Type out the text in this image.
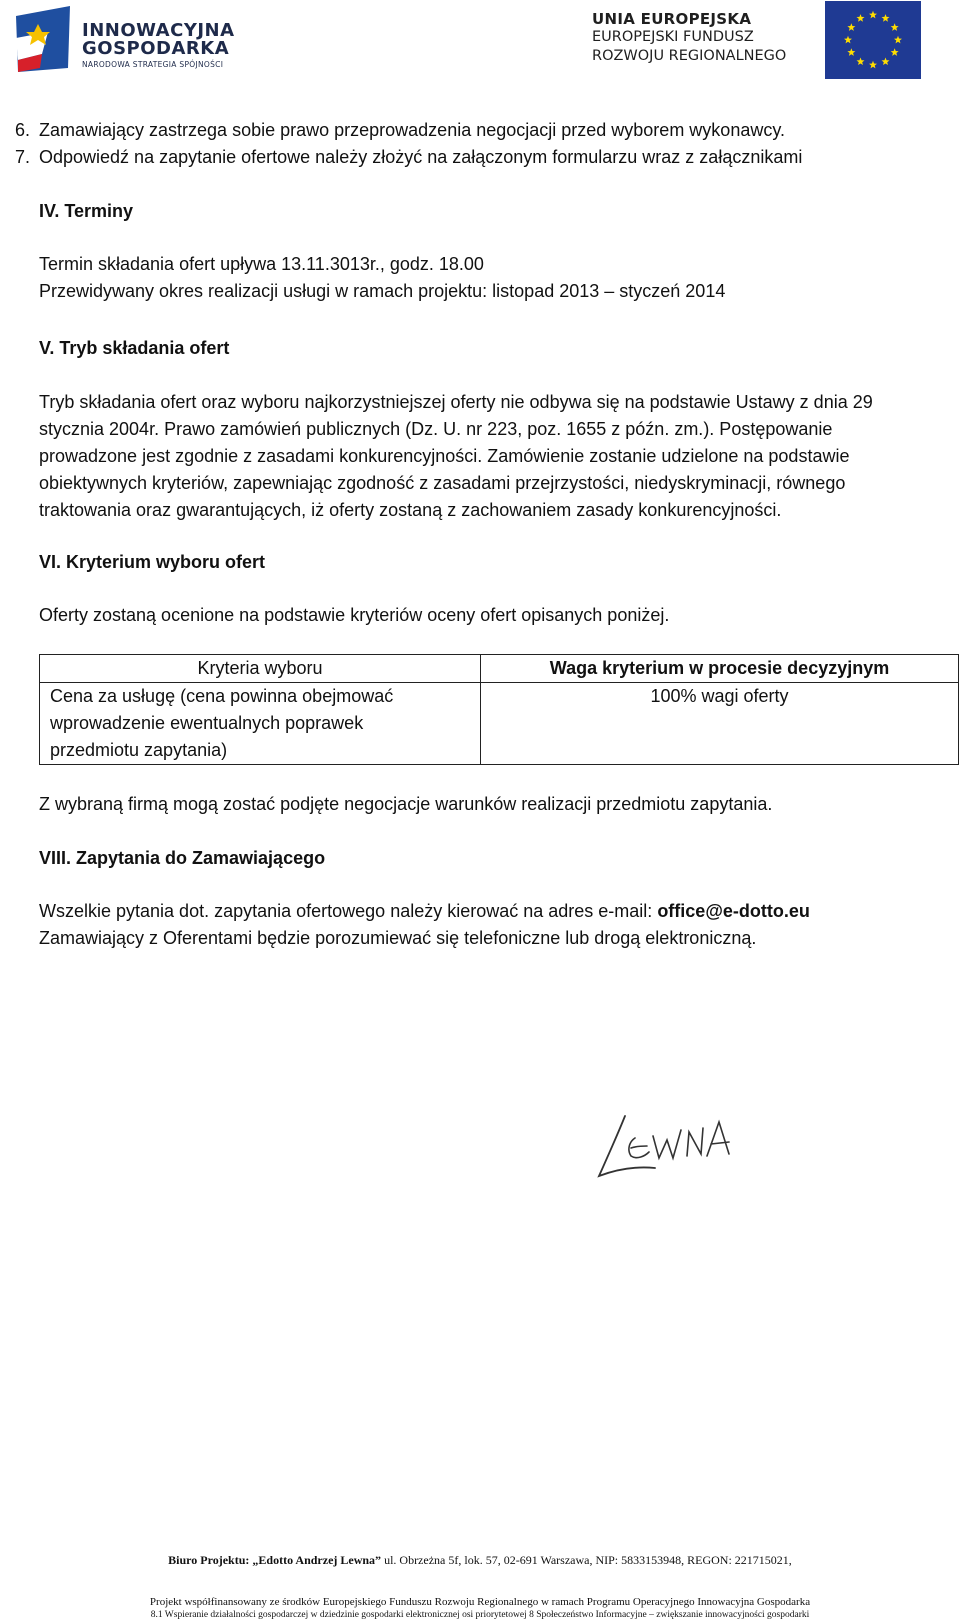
INNOWACYJNA
GOSPODARKA
NARODOWA STRATEGIA SPÓJNOŚCI
UNIA EUROPEJSKA
EUROPEJSKI FUNDUSZ
ROZWOJU REGIONALNEGO
6. Zamawiający zastrzega sobie prawo przeprowadzenia negocjacji przed wyborem wykonawcy.
7. Odpowiedź na zapytanie ofertowe należy złożyć na załączonym formularzu wraz z załącznikami
IV. Terminy
Termin składania ofert upływa 13.11.3013r., godz. 18.00
Przewidywany okres realizacji usługi w ramach projektu: listopad 2013 – styczeń 2014
V. Tryb składania ofert
Tryb składania ofert oraz wyboru najkorzystniejszej oferty nie odbywa się na podstawie Ustawy z dnia 29 stycznia 2004r. Prawo zamówień publicznych (Dz. U. nr 223, poz. 1655 z późn. zm.). Postępowanie prowadzone jest zgodnie z zasadami konkurencyjności. Zamówienie zostanie udzielone na podstawie obiektywnych kryteriów, zapewniając zgodność z zasadami przejrzystości, niedyskryminacji, równego traktowania oraz gwarantujących, iż oferty zostaną z zachowaniem zasady konkurencyjności.
VI. Kryterium wyboru ofert
Oferty zostaną ocenione na podstawie kryteriów oceny ofert opisanych poniżej.
Kryteria wyboru	Waga kryterium w procesie decyzyjnym
Cena za usługę (cena powinna obejmować wprowadzenie ewentualnych poprawek przedmiotu zapytania)	100% wagi oferty
Z wybraną firmą mogą zostać podjęte negocjacje warunków realizacji przedmiotu zapytania.
VIII. Zapytania do Zamawiającego
Wszelkie pytania dot. zapytania ofertowego należy kierować na adres e-mail: office@e-dotto.eu
Zamawiający z Oferentami będzie porozumiewać się telefoniczne lub drogą elektroniczną.
Biuro Projektu: „Edotto Andrzej Lewna” ul. Obrzeżna 5f, lok. 57, 02-691 Warszawa, NIP: 5833153948, REGON: 221715021,
Projekt współfinansowany ze środków Europejskiego Funduszu Rozwoju Regionalnego w ramach Programu Operacyjnego Innowacyjna Gospodarka
8.1 Wspieranie działalności gospodarczej w dziedzinie gospodarki elektronicznej osi priorytetowej 8 Społeczeństwo Informacyjne – zwiększanie innowacyjności gospodarki
